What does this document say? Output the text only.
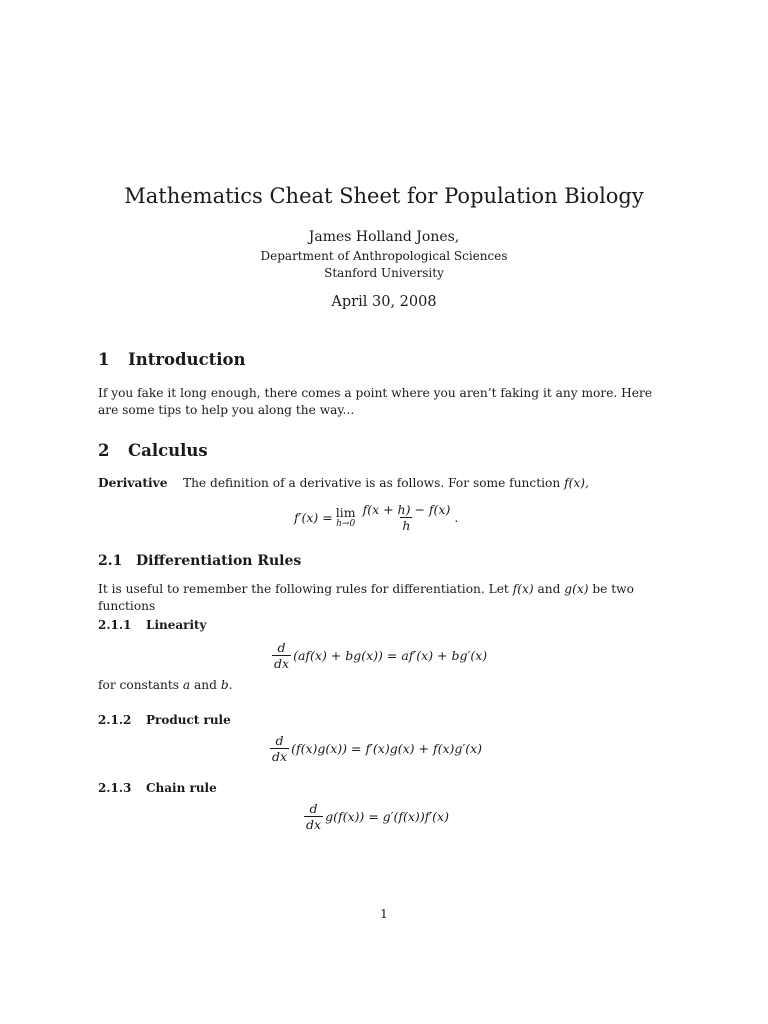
Mathematics Cheat Sheet for Population Biology
James Holland Jones,
Department of Anthropological Sciences
Stanford University
April 30, 2008
1 Introduction
If you fake it long enough, there comes a point where you aren’t faking it any more. Here are some tips to help you along the way...
2 Calculus
Derivative The definition of a derivative is as follows. For some function f(x),
f′(x) = lim
$h\to 0 \frac{f(x + h) - f(x)}{h}$ .
2.1 Differentiation Rules
It is useful to remember the following rules for differentiation. Let f(x) and g(x) be two functions
2.1.1 Linearity
$\frac{d}{dx} (af(x) + bg(x)) = af'(x) + bg'(x)$
for constants a and b.
2.1.2 Product rule
$\frac{d}{dx} (f(x)g(x)) = f'(x)g(x) + f(x)g'(x)$
2.1.3 Chain rule
$\frac{d}{dx} g(f(x)) = g'(f(x))f'(x)$
1
